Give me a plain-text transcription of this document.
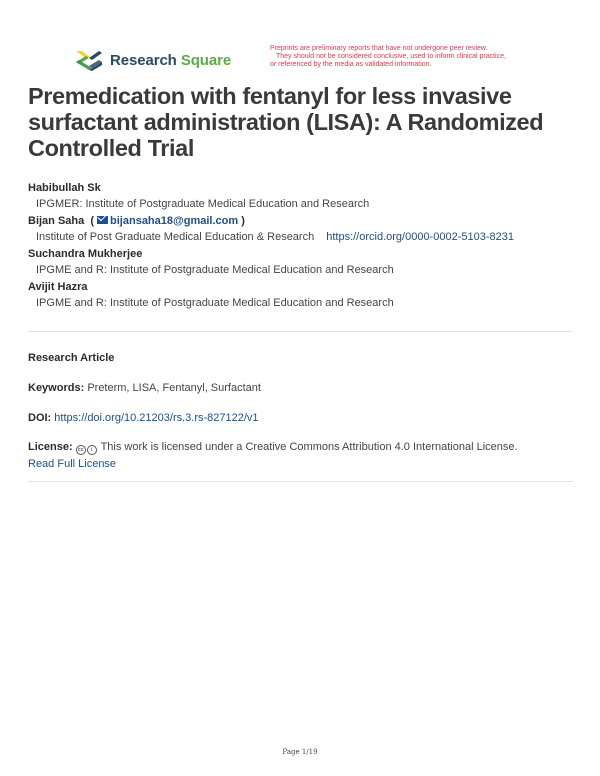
Research Square
Preprints are preliminary reports that have not undergone peer review.
They should not be considered conclusive, used to inform clinical practice,
or referenced by the media as validated information.
Premedication with fentanyl for less invasive
surfactant administration (LISA): A Randomized
Controlled Trial
Habibullah Sk
IPGMER: Institute of Postgraduate Medical Education and Research
Bijan Saha  ( bijansaha18@gmail.com )
Institute of Post Graduate Medical Education & Research https://orcid.org/0000-0002-5103-8231
Suchandra Mukherjee
IPGME and R: Institute of Postgraduate Medical Education and Research
Avijit Hazra
IPGME and R: Institute of Postgraduate Medical Education and Research
Research Article
Keywords: Preterm, LISA, Fentanyl, Surfactant
DOI: https://doi.org/10.21203/rs.3.rs-827122/v1
License: cc i This work is licensed under a Creative Commons Attribution 4.0 International License.
Read Full License
Page 1/19
